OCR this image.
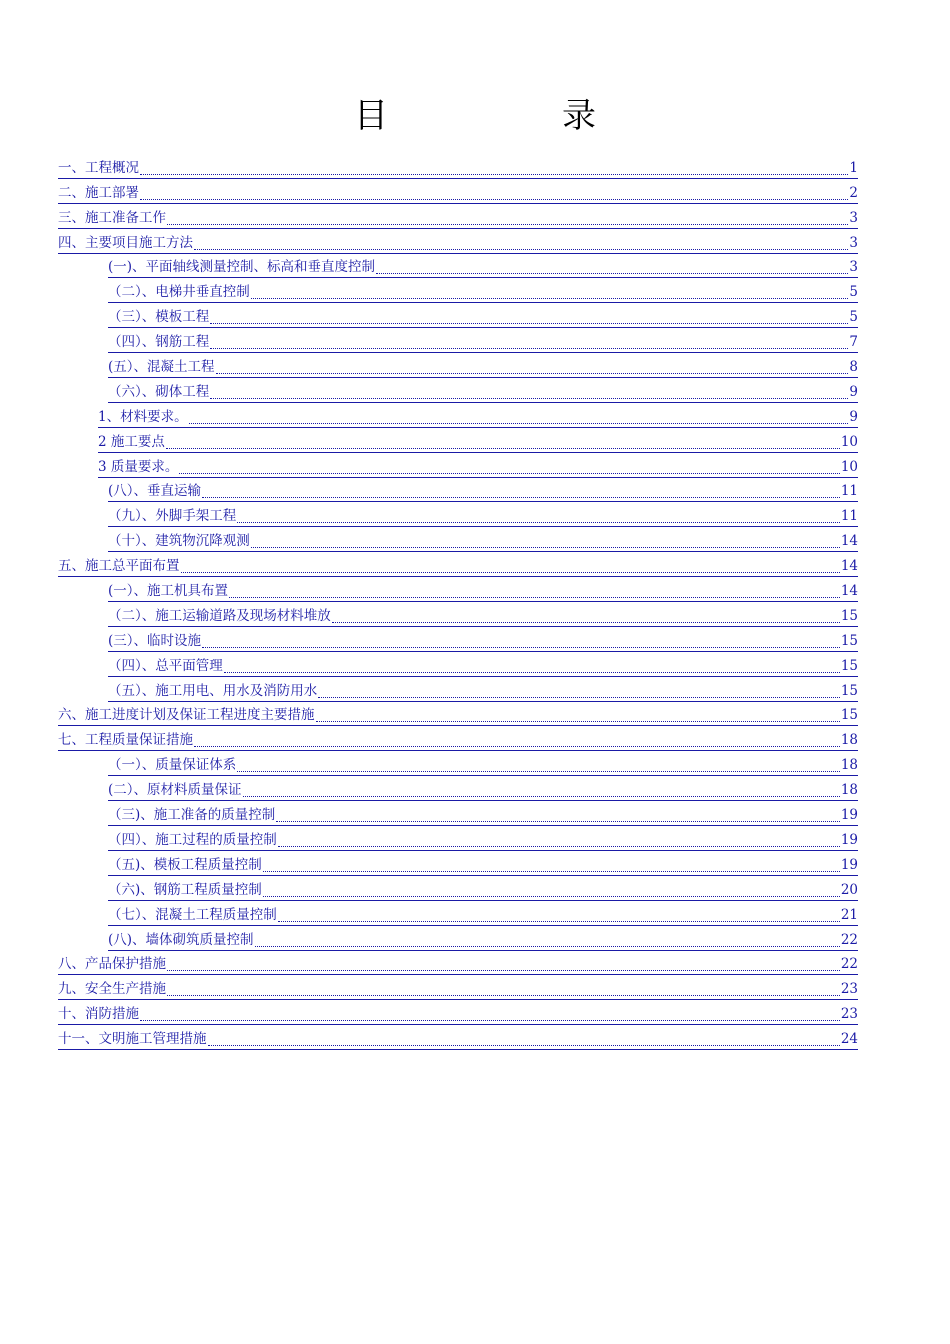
目　录
一、工程概况	1
二、施工部署	2
三、施工准备工作	3
四、主要项目施工方法	3
(一)、平面轴线测量控制、标高和垂直度控制	3
（二）、电梯井垂直控制	5
（三）、模板工程	5
（四）、钢筋工程	7
(五）、混凝土工程	8
（六）、砌体工程	9
1、材料要求。	9
2 施工要点	10
3 质量要求。	10
(八）、垂直运输	11
（九）、外脚手架工程	11
（十）、建筑物沉降观测	14
五、施工总平面布置	14
(一）、施工机具布置	14
（二）、施工运输道路及现场材料堆放	15
(三）、临时设施	15
（四）、总平面管理	15
（五）、施工用电、用水及消防用水	15
六、施工进度计划及保证工程进度主要措施	15
七、工程质量保证措施	18
（一）、质量保证体系	18
(二）、原材料质量保证	18
（三)、施工准备的质量控制	19
（四）、施工过程的质量控制	19
（五)、模板工程质量控制	19
（六)、钢筋工程质量控制	20
（七）、混凝土工程质量控制	21
(八)、墙体砌筑质量控制	22
八、产品保护措施	22
九、安全生产措施	23
十、消防措施	23
十一、文明施工管理措施	24
